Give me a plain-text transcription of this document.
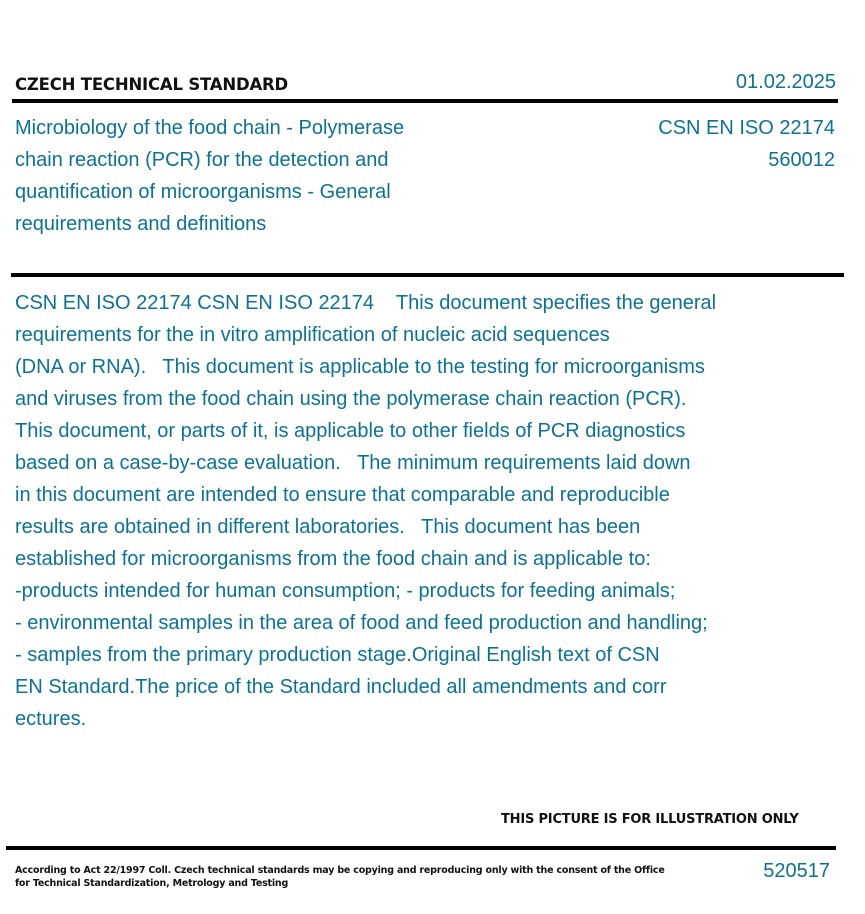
CZECH TECHNICAL STANDARD	01.02.2025
Microbiology of the food chain - Polymerase
chain reaction (PCR) for the detection and
quantification of microorganisms - General
requirements and definitions
CSN EN ISO 22174
560012
CSN EN ISO 22174 CSN EN ISO 22174    This document specifies the general
requirements for the in vitro amplification of nucleic acid sequences
(DNA or RNA).   This document is applicable to the testing for microorganisms
and viruses from the food chain using the polymerase chain reaction (PCR).
This document, or parts of it, is applicable to other fields of PCR diagnostics
based on a case-by-case evaluation.   The minimum requirements laid down
in this document are intended to ensure that comparable and reproducible
results are obtained in different laboratories.   This document has been
established for microorganisms from the food chain and is applicable to:
-products intended for human consumption; - products for feeding animals;
- environmental samples in the area of food and feed production and handling;
- samples from the primary production stage.Original English text of CSN
EN Standard.The price of the Standard included all amendments and corr
ectures.
THIS PICTURE IS FOR ILLUSTRATION ONLY
According to Act 22/1997 Coll. Czech technical standards may be copying and reproducing only with the consent of the Office
for Technical Standardization, Metrology and Testing
520517
